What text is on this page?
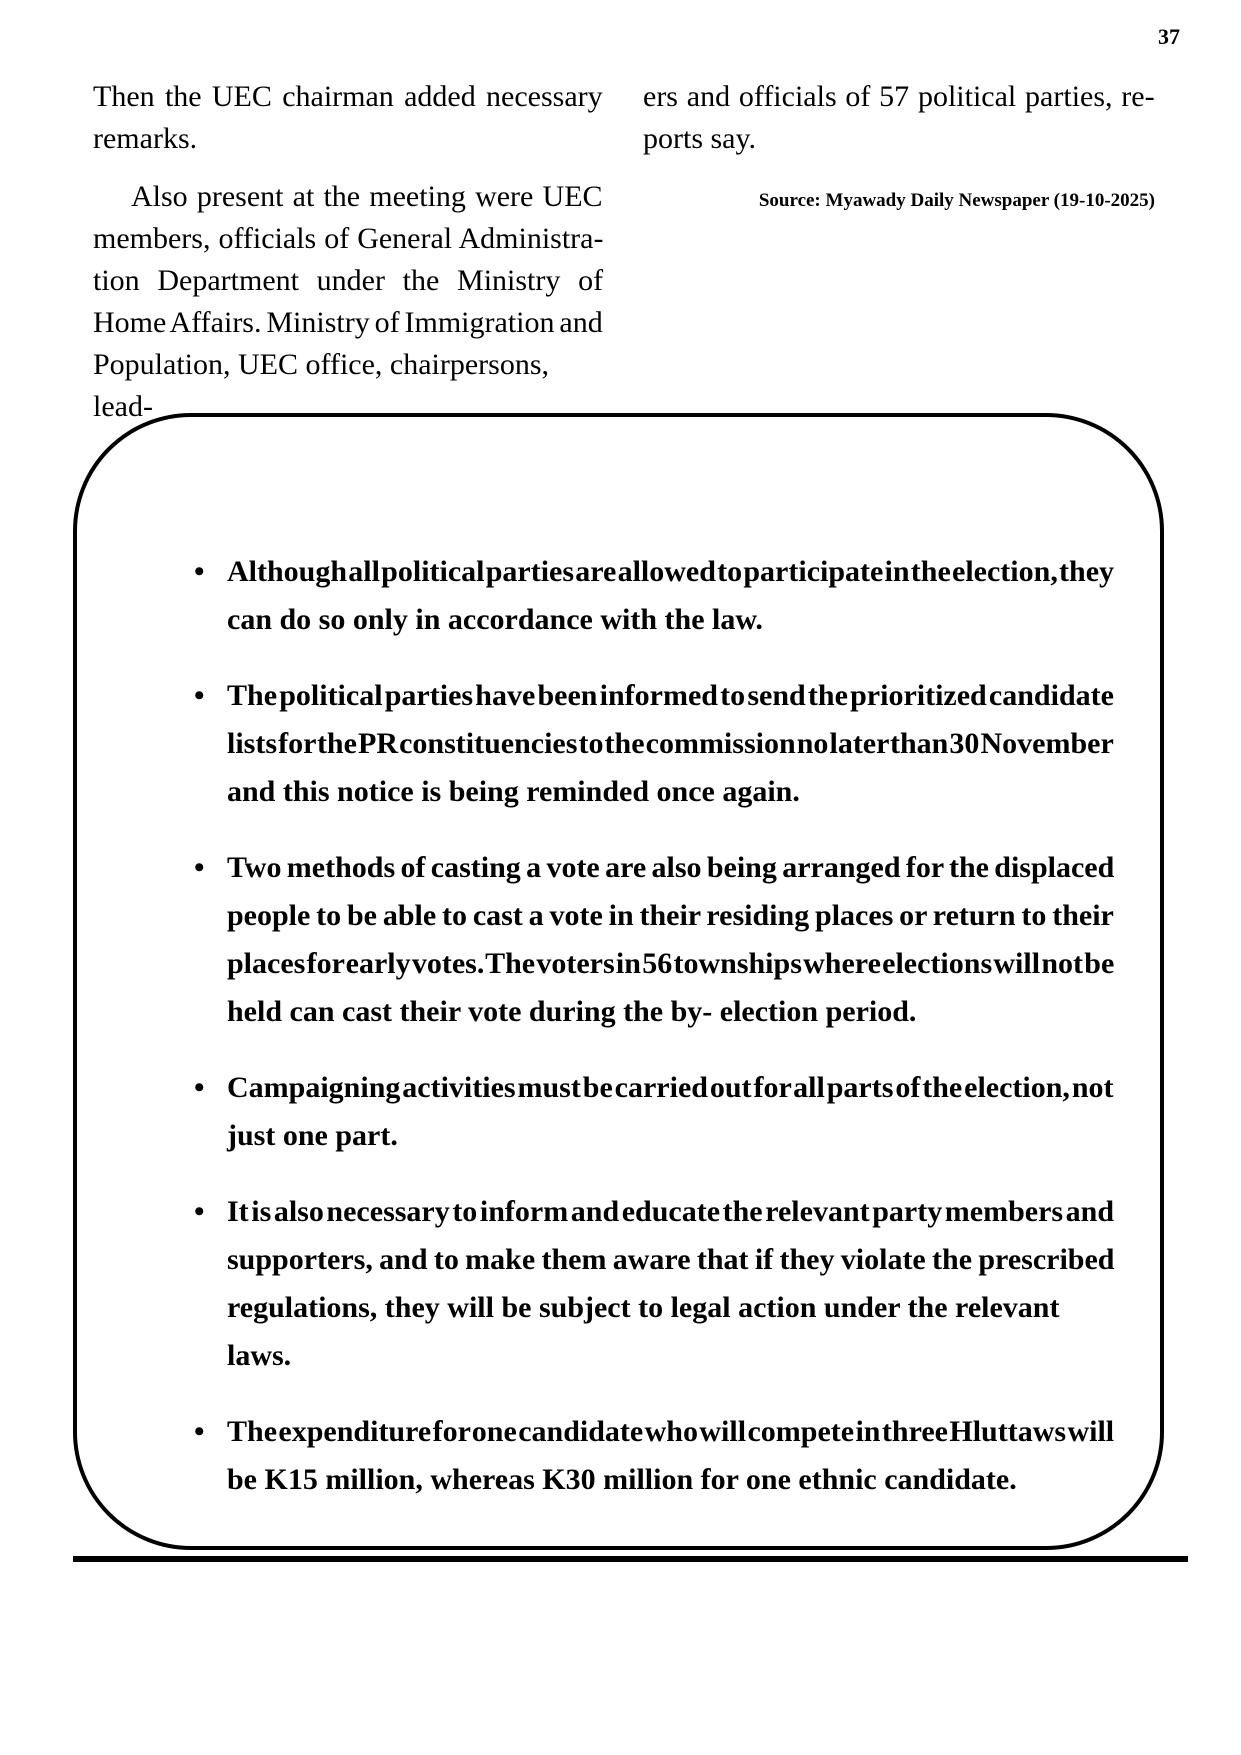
37
Then the UEC chairman added necessary
remarks.
Also present at the meeting were UEC
members, officials of General Administra-
tion Department under the Ministry of
Home Affairs. Ministry of Immigration and
Population, UEC office, chairpersons, lead-
ers and officials of 57 political parties, re-
ports say.
Source: Myawady Daily Newspaper (19-10-2025)
• Although all political parties are allowed to participate in the election, they
can do so only in accordance with the law.
• The political parties have been informed to send the prioritized candidate
lists for the PR constituencies to the commission no later than 30 November
and this notice is being reminded once again.
• Two methods of casting a vote are also being arranged for the displaced
people to be able to cast a vote in their residing places or return to their
places for early votes. The voters in 56 townships where elections will not be
held can cast their vote during the by- election period.
• Campaigning activities must be carried out for all parts of the election, not
just one part.
• It is also necessary to inform and educate the relevant party members and
supporters, and to make them aware that if they violate the prescribed
regulations, they will be subject to legal action under the relevant laws.
• The expenditure for one candidate who will compete in three Hluttaws will
be K15 million, whereas K30 million for one ethnic candidate.
